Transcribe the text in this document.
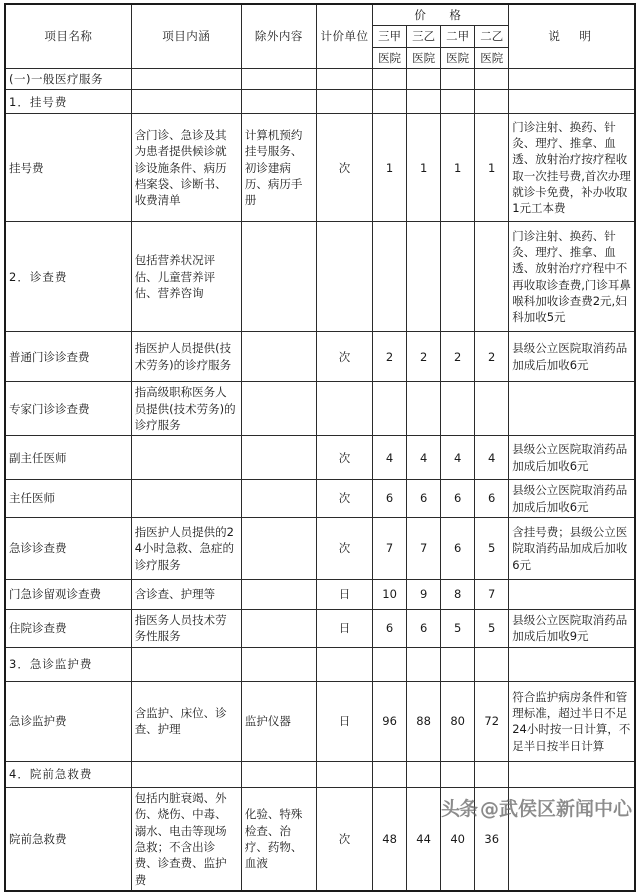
项目名称	项目内涵	除外内容	计价单位	价　格				说　明
				三甲	三乙	二甲	二乙	
				医院	医院	医院	医院	
(一)一般医疗服务								
1．挂号费								
挂号费	含门诊、急诊及其为患者提供候诊就诊设施条件、病历档案袋、诊断书、收费清单	计算机预约挂号服务、初诊建病历、病历手册	次	1	1	1	1	门诊注射、换药、针灸、理疗、推拿、血透、放射治疗按疗程收取一次挂号费,首次办理就诊卡免费，补办收取1元工本费
2．诊查费	包括营养状况评估、儿童营养评估、营养咨询							门诊注射、换药、针灸、理疗、推拿、血透、放射治疗疗程中不再收取诊查费,门诊耳鼻喉科加收诊查费2元,妇科加收5元
普通门诊诊查费	指医护人员提供(技术劳务)的诊疗服务		次	2	2	2	2	县级公立医院取消药品加成后加收6元
专家门诊诊查费	指高级职称医务人员提供(技术劳务)的诊疗服务							
副主任医师			次	4	4	4	4	县级公立医院取消药品加成后加收6元
主任医师			次	6	6	6	6	县级公立医院取消药品加成后加收6元
急诊诊查费	指医护人员提供的24小时急救、急症的诊疗服务		次	7	7	6	5	含挂号费；县级公立医院取消药品加成后加收6元
门急诊留观诊查费	含诊查、护理等		日	10	9	8	7	
住院诊查费	指医务人员技术劳务性服务		日	6	6	5	5	县级公立医院取消药品加成后加收9元
3．急诊监护费								
急诊监护费	含监护、床位、诊查、护理	监护仪器	日	96	88	80	72	符合监护病房条件和管理标准，超过半日不足24小时按一日计算，不足半日按半日计算
4．院前急救费								
院前急救费	包括内脏衰竭、外伤、烧伤、中毒、溺水、电击等现场急救；不含出诊费、诊查费、监护费	化验、特殊检查、治疗、药物、血液	次	48	44	40	36	
头条 @武侯区新闻中心
